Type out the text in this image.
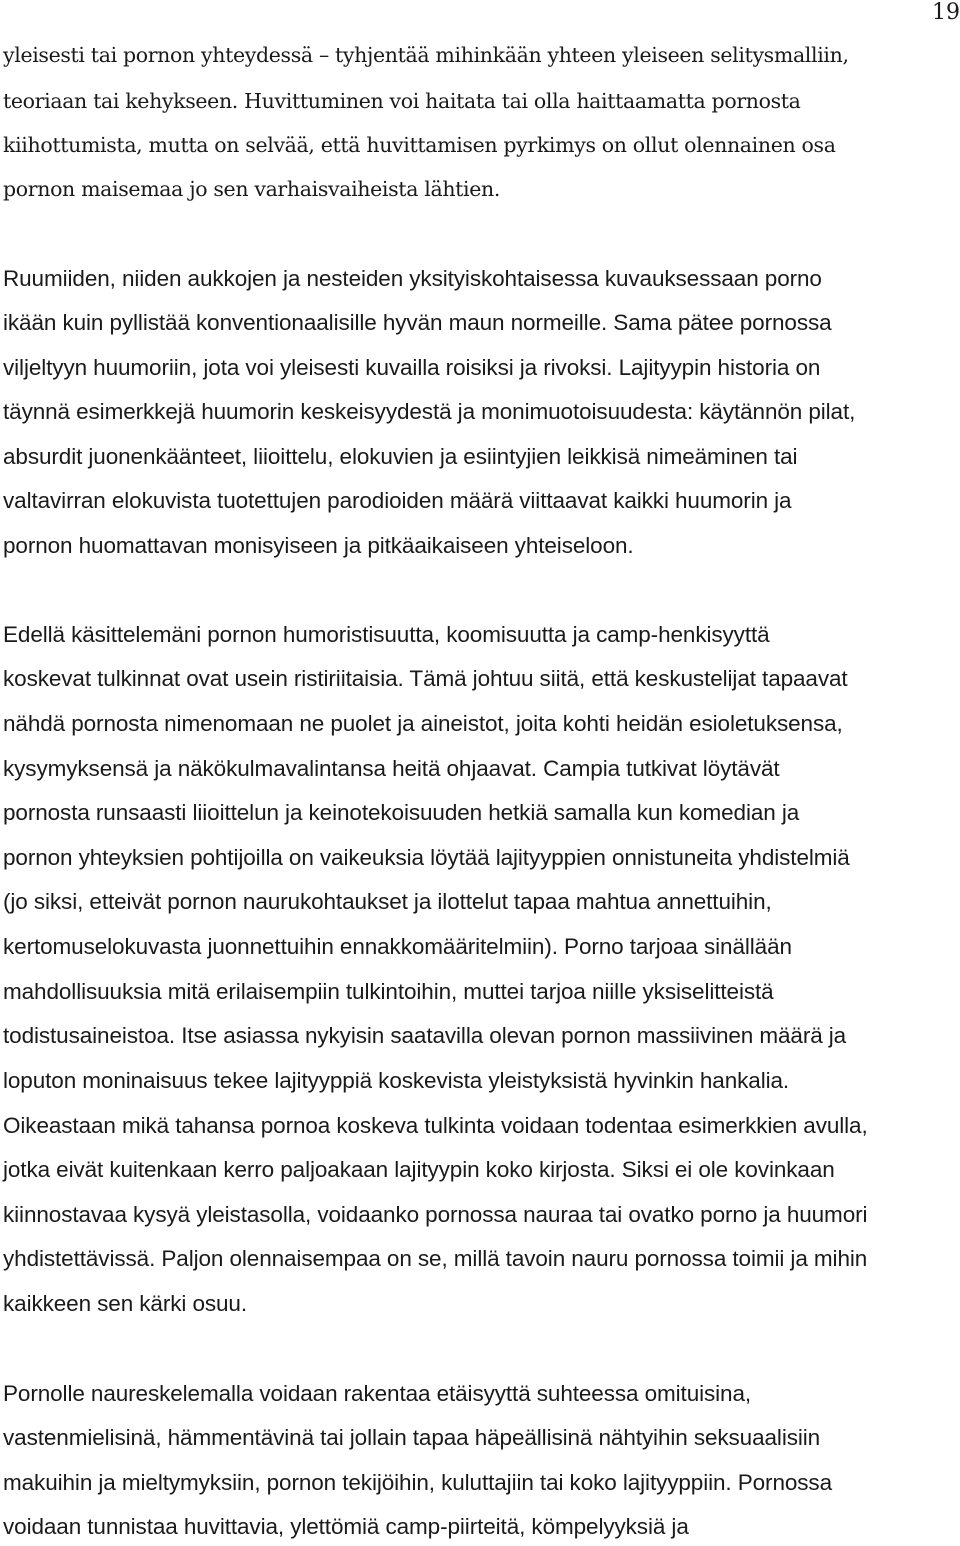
19
yleisesti tai pornon yhteydessä – tyhjentää mihinkään yhteen yleiseen selitysmalliin,
teoriaan tai kehykseen. Huvittuminen voi haitata tai olla haittaamatta pornosta
kiihottumista, mutta on selvää, että huvittamisen pyrkimys on ollut olennainen osa
pornon maisemaa jo sen varhaisvaiheista lähtien.
Ruumiiden, niiden aukkojen ja nesteiden yksityiskohtaisessa kuvauksessaan porno
ikään kuin pyllistää konventionaalisille hyvän maun normeille. Sama pätee pornossa
viljeltyyn huumoriin, jota voi yleisesti kuvailla roisiksi ja rivoksi. Lajityypin historia on
täynnä esimerkkejä huumorin keskeisyydestä ja monimuotoisuudesta: käytännön pilat,
absurdit juonenkäänteet, liioittelu, elokuvien ja esiintyjien leikkisä nimeäminen tai
valtavirran elokuvista tuotettujen parodioiden määrä viittaavat kaikki huumorin ja
pornon huomattavan monisyiseen ja pitkäaikaiseen yhteiseloon.
Edellä käsittelemäni pornon humoristisuutta, koomisuutta ja camp-henkisyyttä
koskevat tulkinnat ovat usein ristiriitaisia. Tämä johtuu siitä, että keskustelijat tapaavat
nähdä pornosta nimenomaan ne puolet ja aineistot, joita kohti heidän esioletuksensa,
kysymyksensä ja näkökulmavalintansa heitä ohjaavat. Campia tutkivat löytävät
pornosta runsaasti liioittelun ja keinotekoisuuden hetkiä samalla kun komedian ja
pornon yhteyksien pohtijoilla on vaikeuksia löytää lajityyppien onnistuneita yhdistelmiä
(jo siksi, etteivät pornon naurukohtaukset ja ilottelut tapaa mahtua annettuihin,
kertomuselokuvasta juonnettuihin ennakkomääritelmiin). Porno tarjoaa sinällään
mahdollisuuksia mitä erilaisempiin tulkintoihin, muttei tarjoa niille yksiselitteistä
todistusaineistoa. Itse asiassa nykyisin saatavilla olevan pornon massiivinen määrä ja
loputon moninaisuus tekee lajityyppiä koskevista yleistyksistä hyvinkin hankalia.
Oikeastaan mikä tahansa pornoa koskeva tulkinta voidaan todentaa esimerkkien avulla,
jotka eivät kuitenkaan kerro paljoakaan lajityypin koko kirjosta. Siksi ei ole kovinkaan
kiinnostavaa kysyä yleistasolla, voidaanko pornossa nauraa tai ovatko porno ja huumori
yhdistettävissä. Paljon olennaisempaa on se, millä tavoin nauru pornossa toimii ja mihin
kaikkeen sen kärki osuu.
Pornolle naureskelemalla voidaan rakentaa etäisyyttä suhteessa omituisina,
vastenmielisinä, hämmentävinä tai jollain tapaa häpeällisinä nähtyihin seksuaalisiin
makuihin ja mieltymyksiin, pornon tekijöihin, kuluttajiin tai koko lajityyppiin. Pornossa
voidaan tunnistaa huvittavia, ylettömiä camp-piirteitä, kömpelyyksiä ja
